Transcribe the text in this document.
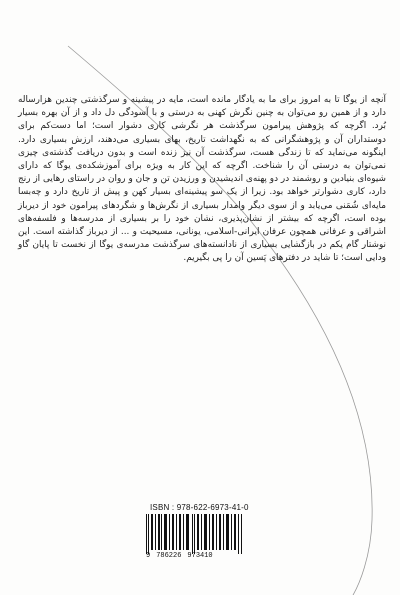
آنچه از یوگا تا به امروز برای ما به یادگار مانده است، مایه در پیشینه و سرگذشتی چندین هزارساله دارد و از همین رو می‌توان به چنین نگرش کهنی به درستی و با آسودگی دل داد و از آن بهره بسیار بُرد. اگرچه که پژوهش پیرامون سرگذشت هر نگرشی کاری دشوار است؛ اما دست‌کم برای دوستداران آن و پژوهشگرانی که به نگهداشت تاریخ، بهای بسیاری می‌دهند، ارزش بسیاری دارد. اینگونه می‌نماید که تا زندگی هست، سرگذشت آن نیز زنده است و بدون دریافت گذشته‌ی چیزی نمی‌توان به درستی آن را شناخت. اگرچه که این کار به ویژه برای آموزشکده‌ی یوگا که دارای شیوه‌ای بنیادین و روشمند در دو پهنه‌ی اندیشیدن و ورزیدن تن و جان و روان در راستای رهایی از رنج دارد، کاری دشوارتر خواهد بود. زیرا از یک سو پیشینه‌ای بسیار کهن و پیش از تاریخ دارد و چه‌بسا مایه‌ای شُمَنی می‌یابد و از سوی دیگر وامدار بسیاری از نگرش‌ها و شگردهای پیرامون خود از دیرباز بوده است، اگرچه که بیشتر از نشان‌پذیری، نشان خود را بر بسیاری از مدرسه‌ها و فلسفه‌های اشراقی و عرفانی همچون عرفان ایرانی-اسلامی، یونانی، مسیحیت و ... از دیرباز گذاشته است. این نوشتار گام یکم در بازگشایی بسیاری از نادانسته‌های سرگذشت مدرسه‌ی یوگا از نخست تا پایان گاو ودایی است؛ تا شاید در دفترهای پَسین آن را پی بگیریم.

ISBN : 978-622-6973-41-0
9 786226 973410
